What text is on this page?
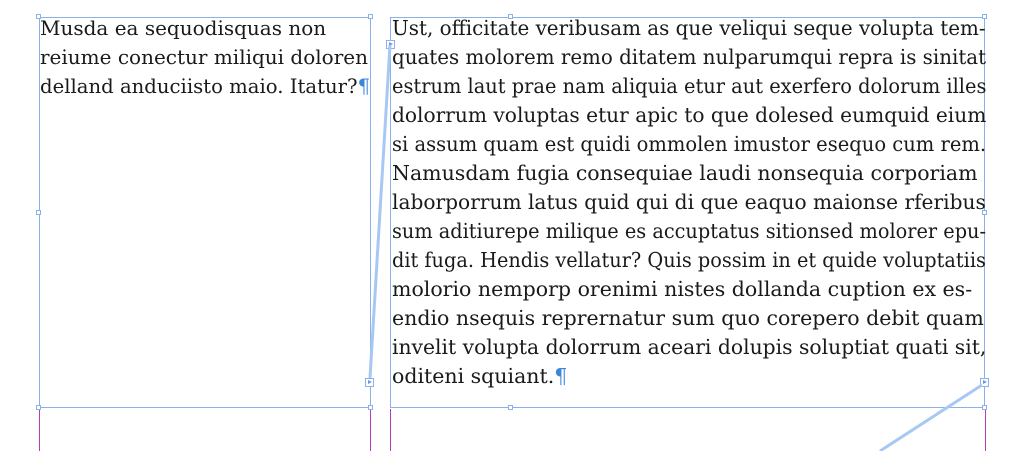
Musda ea sequodisquas non
reiume conectur miliqui doloren
delland anduciisto maio. Itatur?¶
Ust, officitate veribusam as que veliqui seque volupta tem-
quates molorem remo ditatem nulparumqui repra is sinitat
estrum laut prae nam aliquia etur aut exerfero dolorum illes
dolorrum voluptas etur apic to que dolesed eumquid eium
si assum quam est quidi ommolen imustor esequo cum rem.
Namusdam fugia consequiae laudi nonsequia corporiam
laborporrum latus quid qui di que eaquo maionse rferibus
sum aditiurepe milique es accuptatus sitionsed molorer epu-
dit fuga. Hendis vellatur? Quis possim in et quide voluptatiis
molorio nemporp orenimi nistes dollanda cuption ex es-
endio nsequis reprernatur sum quo corepero debit quam
invelit volupta dolorrum aceari dolupis soluptiat quati sit,
oditeni squiant.¶
